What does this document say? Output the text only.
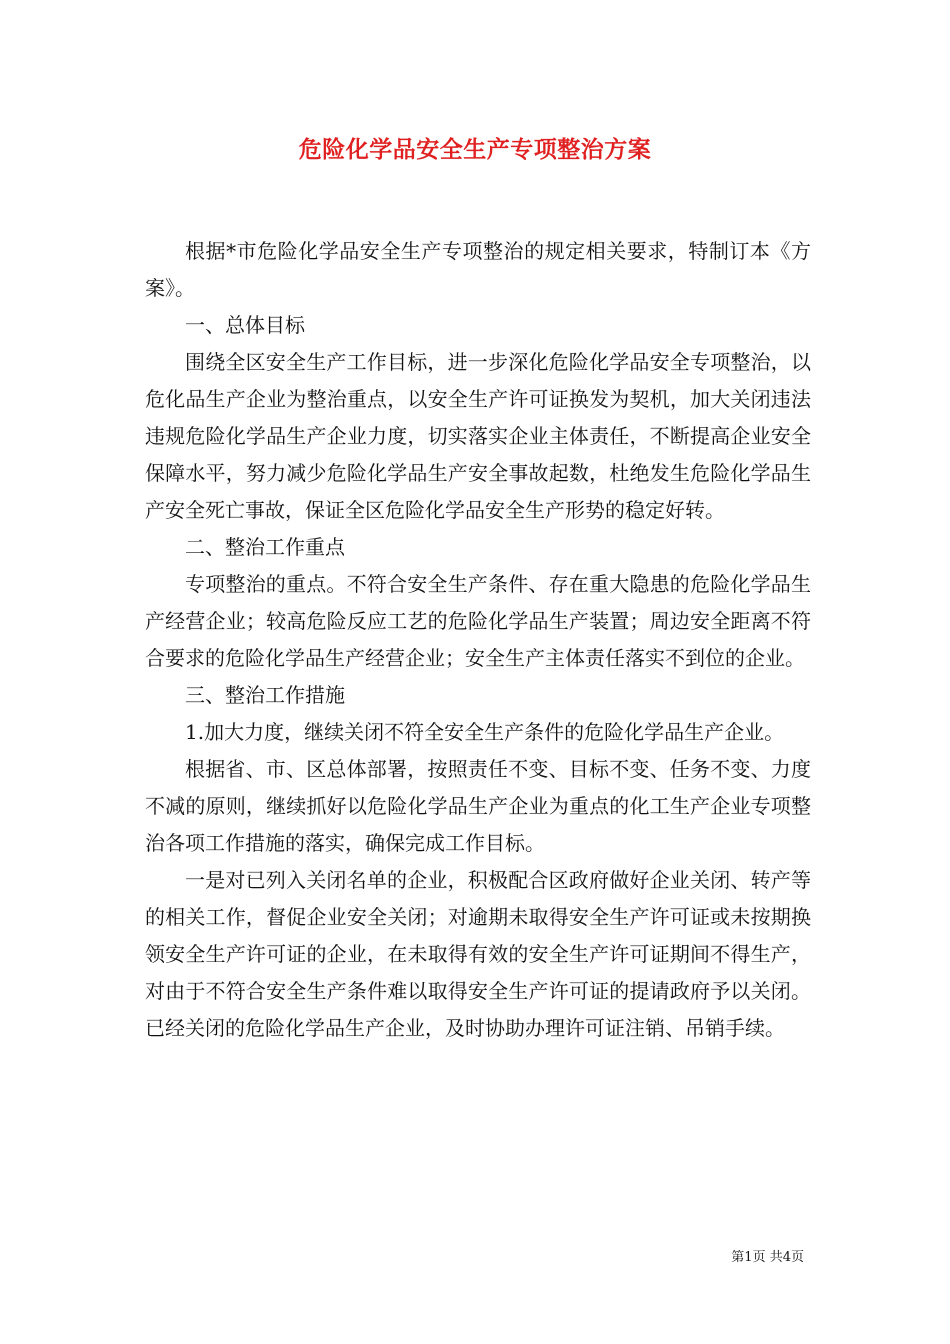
危险化学品安全生产专项整治方案

根据*市危险化学品安全生产专项整治的规定相关要求，特制订本《方案》。

一、总体目标

围绕全区安全生产工作目标，进一步深化危险化学品安全专项整治，以危化品生产企业为整治重点，以安全生产许可证换发为契机，加大关闭违法违规危险化学品生产企业力度，切实落实企业主体责任，不断提高企业安全保障水平，努力减少危险化学品生产安全事故起数，杜绝发生危险化学品生产安全死亡事故，保证全区危险化学品安全生产形势的稳定好转。

二、整治工作重点

专项整治的重点。不符合安全生产条件、存在重大隐患的危险化学品生产经营企业；较高危险反应工艺的危险化学品生产装置；周边安全距离不符合要求的危险化学品生产经营企业；安全生产主体责任落实不到位的企业。

三、整治工作措施

1.加大力度，继续关闭不符全安全生产条件的危险化学品生产企业。

根据省、市、区总体部署，按照责任不变、目标不变、任务不变、力度不减的原则，继续抓好以危险化学品生产企业为重点的化工生产企业专项整治各项工作措施的落实，确保完成工作目标。

一是对已列入关闭名单的企业，积极配合区政府做好企业关闭、转产等的相关工作，督促企业安全关闭；对逾期未取得安全生产许可证或未按期换领安全生产许可证的企业，在未取得有效的安全生产许可证期间不得生产，对由于不符合安全生产条件难以取得安全生产许可证的提请政府予以关闭。已经关闭的危险化学品生产企业，及时协助办理许可证注销、吊销手续。

第1页 共4页
